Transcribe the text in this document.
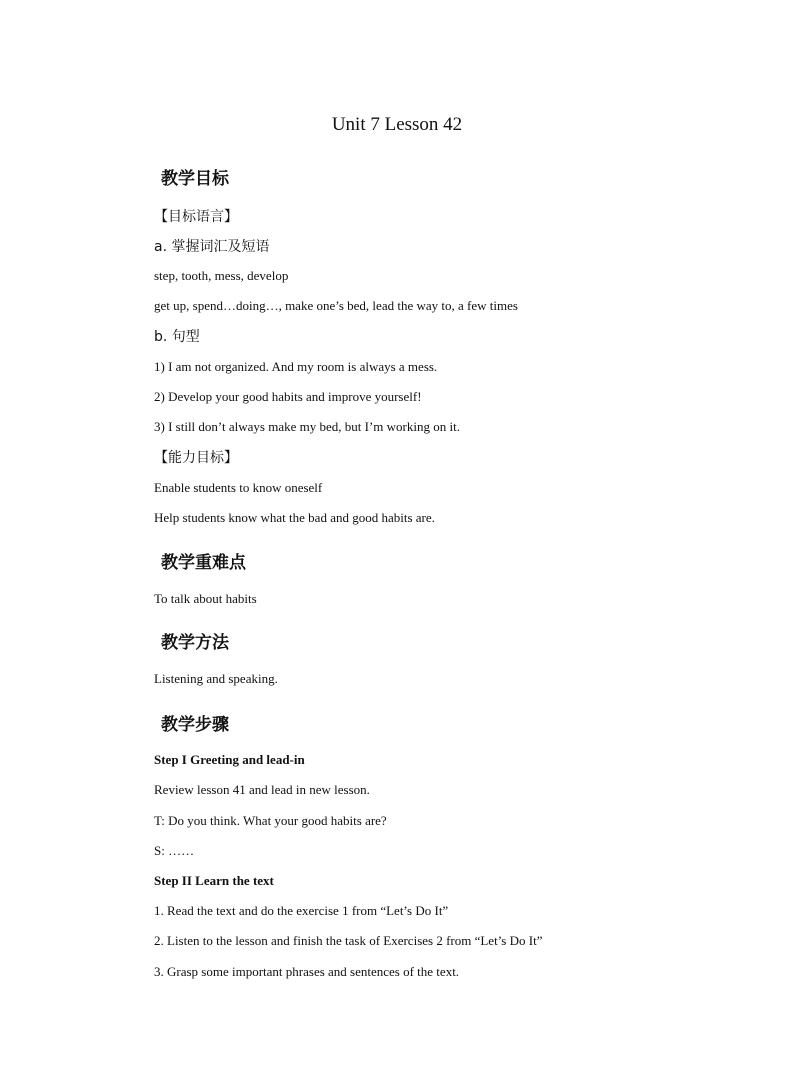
Unit 7 Lesson 42
教学目标
【目标语言】
a. 掌握词汇及短语
step, tooth, mess, develop
get up, spend…doing…, make one’s bed, lead the way to, a few times
b. 句型
1) I am not organized. And my room is always a mess.
2) Develop your good habits and improve yourself!
3) I still don’t always make my bed, but I’m working on it.
【能力目标】
Enable students to know oneself
Help students know what the bad and good habits are.
教学重难点
To talk about habits
教学方法
Listening and speaking.
教学步骤
Step I Greeting and lead-in
Review lesson 41 and lead in new lesson.
T: Do you think. What your good habits are?
S: ……
Step II Learn the text
1. Read the text and do the exercise 1 from “Let’s Do It”
2. Listen to the lesson and finish the task of Exercises 2 from “Let’s Do It”
3. Grasp some important phrases and sentences of the text.
